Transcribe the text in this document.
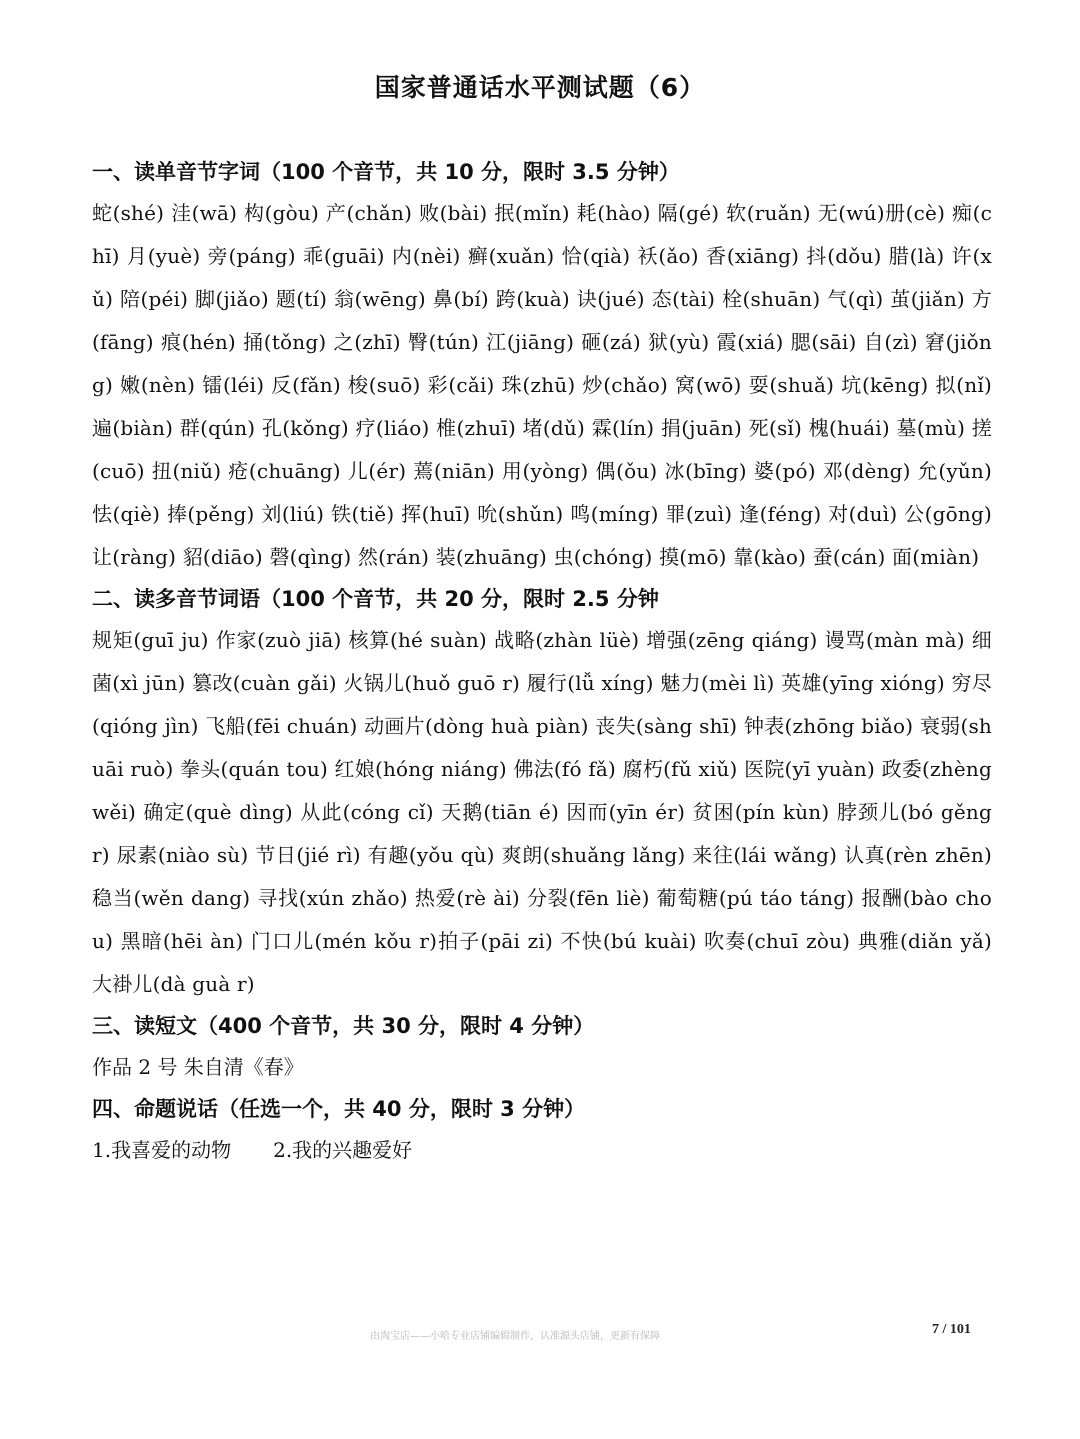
国家普通话水平测试题（6）
一、读单音节字词（100 个音节，共 10 分，限时 3.5 分钟）

蛇(shé) 洼(wā) 构(gòu) 产(chǎn) 败(bài) 抿(mǐn) 耗(hào) 隔(gé) 软(ruǎn) 无(wú)册(cè) 痴(chī) 月(yuè) 旁(páng) 乖(guāi) 内(nèi) 癣(xuǎn) 恰(qià) 袄(ǎo) 香(xiāng) 抖(dǒu) 腊(là) 许(xǔ) 陪(péi) 脚(jiǎo) 题(tí) 翁(wēng) 鼻(bí) 跨(kuà) 诀(jué) 态(tài) 栓(shuān) 气(qì) 茧(jiǎn) 方(fāng) 痕(hén) 捅(tǒng) 之(zhī) 臀(tún) 江(jiāng) 砸(zá) 狱(yù) 霞(xiá) 腮(sāi) 自(zì) 窘(jiǒng) 嫩(nèn) 镭(léi) 反(fǎn) 梭(suō) 彩(cǎi) 珠(zhū) 炒(chǎo) 窝(wō) 耍(shuǎ) 坑(kēng) 拟(nǐ) 遍(biàn) 群(qún) 孔(kǒng) 疗(liáo) 椎(zhuī) 堵(dǔ) 霖(lín) 捐(juān) 死(sǐ) 槐(huái) 墓(mù) 搓(cuō) 扭(niǔ) 疮(chuāng) 儿(ér) 蔫(niān) 用(yòng) 偶(ǒu) 冰(bīng) 婆(pó) 邓(dèng) 允(yǔn) 怯(qiè) 捧(pěng) 刘(liú) 铁(tiě) 挥(huī) 吮(shǔn) 鸣(míng) 罪(zuì) 逢(féng) 对(duì) 公(gōng) 让(ràng) 貂(diāo) 磬(qìng) 然(rán) 装(zhuāng) 虫(chóng) 摸(mō) 靠(kào) 蚕(cán) 面(miàn)

二、读多音节词语（100 个音节，共 20 分，限时 2.5 分钟

规矩(guī ju) 作家(zuò jiā) 核算(hé suàn) 战略(zhàn lüè) 增强(zēng qiáng) 谩骂(màn mà) 细 菌(xì jūn) 篡改(cuàn gǎi) 火锅儿(huǒ guō r) 履行(lǚ xíng) 魅力(mèi lì) 英雄(yīng xióng) 穷尽(qióng jìn) 飞船(fēi chuán) 动画片(dòng huà piàn) 丧失(sàng shī) 钟表(zhōng biǎo) 衰弱(shuāi ruò) 拳头(quán tou) 红娘(hóng niáng) 佛法(fó fǎ) 腐朽(fǔ xiǔ) 医院(yī yuàn) 政委(zhèng wěi) 确定(què dìng) 从此(cóng cǐ) 天鹅(tiān é) 因而(yīn ér) 贫困(pín kùn) 脖颈儿(bó gěng r) 尿素(niào sù) 节日(jié rì) 有趣(yǒu qù) 爽朗(shuǎng lǎng) 来往(lái wǎng) 认真(rèn zhēn) 稳当(wěn dang) 寻找(xún zhǎo) 热爱(rè ài) 分裂(fēn liè) 葡萄糖(pú táo táng) 报酬(bào chou) 黑暗(hēi àn) 门口儿(mén kǒu r)拍子(pāi zi) 不快(bú kuài) 吹奏(chuī zòu) 典雅(diǎn yǎ) 大褂儿(dà guà r)

三、读短文（400 个音节，共 30 分，限时 4 分钟）

作品 2 号 朱自清《春》

四、命题说话（任选一个，共 40 分，限时 3 分钟）

1.我喜爱的动物 2.我的兴趣爱好

由淘宝店——小哈专业店铺编辑制作，认准源头店铺，更新有保障	7 / 101
